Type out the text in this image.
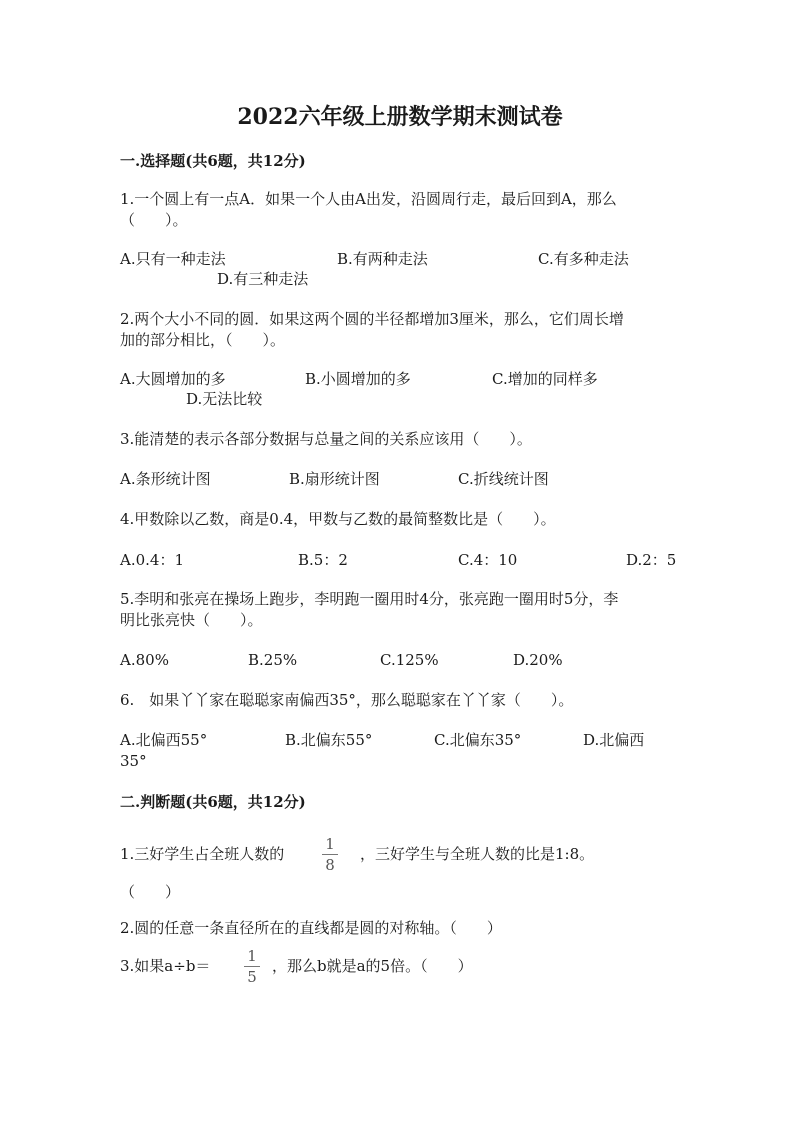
2022六年级上册数学期末测试卷
一.选择题(共6题，共12分)
1.一个圆上有一点A．如果一个人由A出发，沿圆周行走，最后回到A，那么
（　　）。
A.只有一种走法	B.有两种走法	C.有多种走法
D.有三种走法
2.两个大小不同的圆．如果这两个圆的半径都增加3厘米，那么，它们周长增
加的部分相比，（　　）。
A.大圆增加的多	B.小圆增加的多	C.增加的同样多
D.无法比较
3.能清楚的表示各部分数据与总量之间的关系应该用（　　）。
A.条形统计图	B.扇形统计图	C.折线统计图
4.甲数除以乙数，商是0.4，甲数与乙数的最简整数比是（　　）。
A.0.4：1	B.5：2	C.4：10	D.2：5
5.李明和张亮在操场上跑步，李明跑一圈用时4分，张亮跑一圈用时5分，李
明比张亮快（　　）。
A.80%	B.25%	C.125%	D.20%
6.　如果丫丫家在聪聪家南偏西35°，那么聪聪家在丫丫家（　　）。
A.北偏西55°	B.北偏东55°	C.北偏东35°	D.北偏西
35°
二.判断题(共6题，共12分)
1.三好学生占全班人数的
1
8
，三好学生与全班人数的比是1:8。
（　　）
2.圆的任意一条直径所在的直线都是圆的对称轴。（　　）
3.如果a÷b＝
1
5
，那么b就是a的5倍。（　　）
